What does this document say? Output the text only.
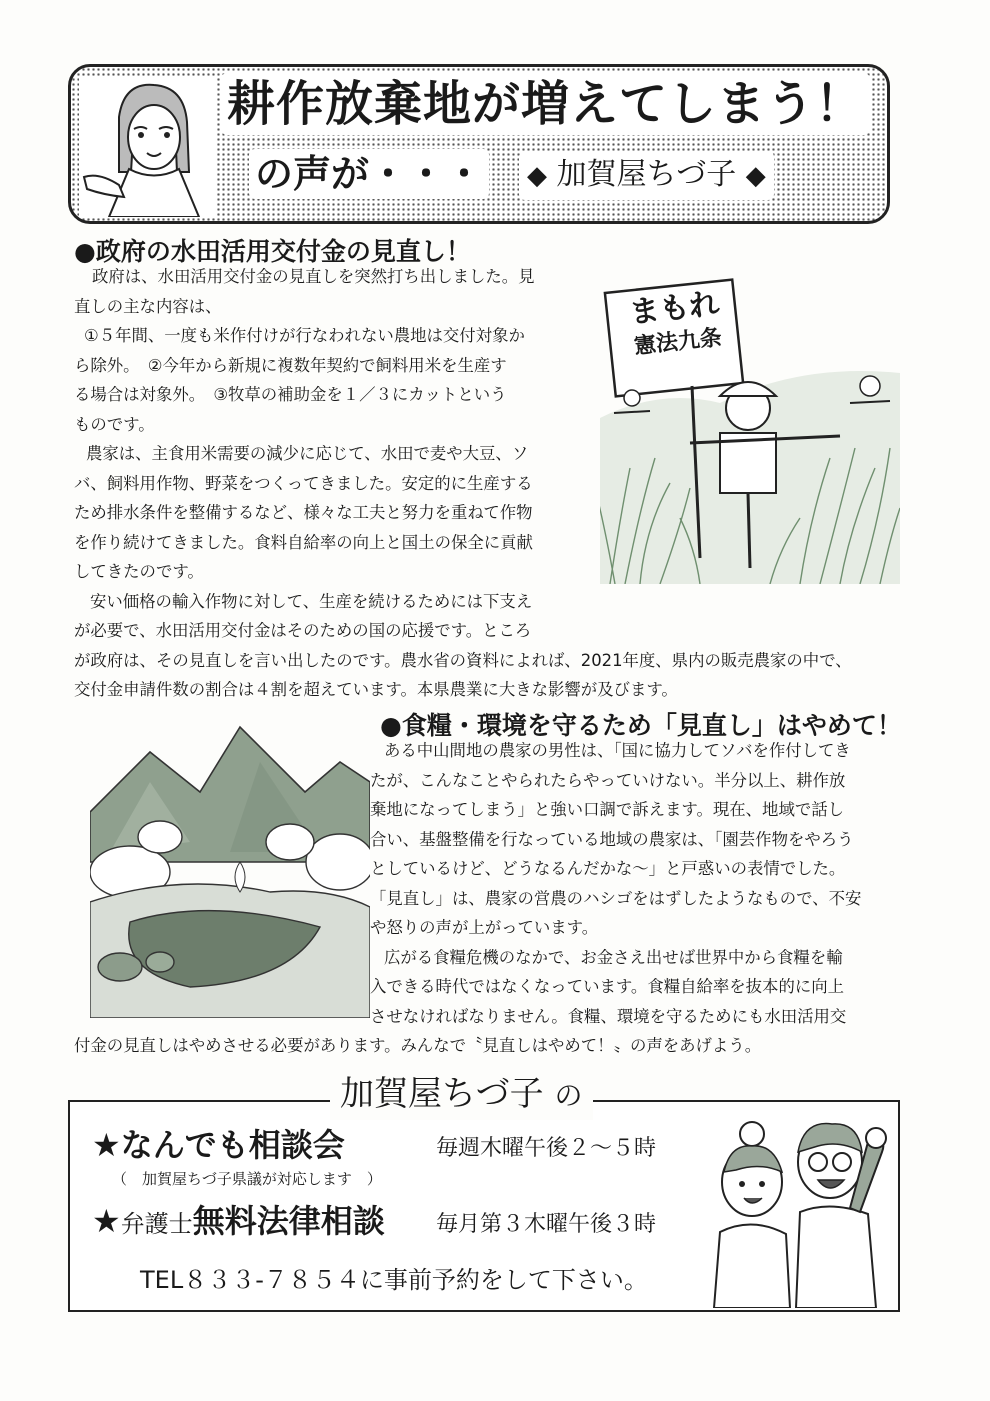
耕作放棄地が増えてしまう！
の声が・・・	◆ 加賀屋ちづ子 ◆
●政府の水田活用交付金の見直し！
政府は、水田活用交付金の見直しを突然打ち出しました。見
直しの主な内容は、
①５年間、一度も米作付けが行なわれない農地は交付対象か
ら除外。　②今年から新規に複数年契約で飼料用米を生産す
る場合は対象外。　③牧草の補助金を１／３にカットという
ものです。
農家は、主食用米需要の減少に応じて、水田で麦や大豆、ソ
バ、飼料用作物、野菜をつくってきました。安定的に生産する
ため排水条件を整備するなど、様々な工夫と努力を重ねて作物
を作り続けてきました。食料自給率の向上と国土の保全に貢献
してきたのです。
安い価格の輸入作物に対して、生産を続けるためには下支え
が必要で、水田活用交付金はそのための国の応援です。ところ
が政府は、その見直しを言い出したのです。農水省の資料によれば、2021年度、県内の販売農家の中で、
交付金申請件数の割合は４割を超えています。本県農業に大きな影響が及びます。
まもれ
憲法九条
●食糧・環境を守るため「見直し」はやめて！
ある中山間地の農家の男性は、｢国に協力してソバを作付してき
たが、こんなことやられたらやっていけない。半分以上、耕作放
棄地になってしまう」と強い口調で訴えます。現在、地域で話し
合い、基盤整備を行なっている地域の農家は、｢園芸作物をやろう
としているけど、どうなるんだかな〜」と戸惑いの表情でした。
「見直し」は、農家の営農のハシゴをはずしたようなもので、不安
や怒りの声が上がっています。
広がる食糧危機のなかで、お金さえ出せば世界中から食糧を輸
入できる時代ではなくなっています。食糧自給率を抜本的に向上
させなければなりません。食糧、環境を守るためにも水田活用交
付金の見直しはやめさせる必要があります。みんなで〝見直しはやめて！〟の声をあげよう。
加賀屋ちづ子 の
★なんでも相談会	毎週木曜午後２〜５時
（　加賀屋ちづ子県議が対応します　）
★弁護士無料法律相談 毎月第３木曜午後３時
TEL８３３-７８５４に事前予約をして下さい。
